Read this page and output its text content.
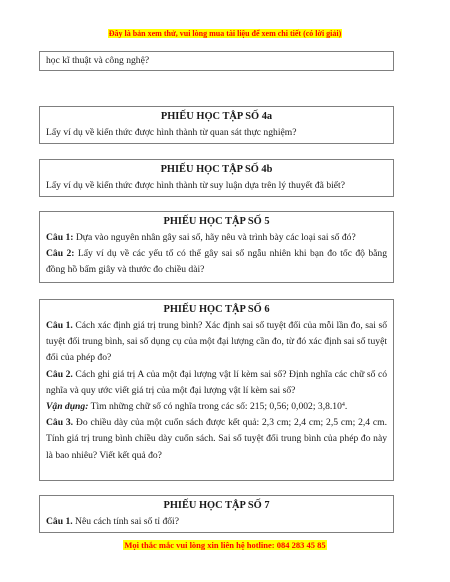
Đây là bản xem thử, vui lòng mua tài liệu để xem chi tiết (có lời giải)
học kĩ thuật và công nghệ?
PHIẾU HỌC TẬP SỐ 4a
Lấy ví dụ về kiến thức được hình thành từ quan sát thực nghiệm?
PHIẾU HỌC TẬP SỐ 4b
Lấy ví dụ về kiến thức được hình thành từ suy luận dựa trên lý thuyết đã biết?
PHIẾU HỌC TẬP SỐ 5
Câu 1: Dựa vào nguyên nhân gây sai số, hãy nêu và trình bày các loại sai số đó?
Câu 2: Lấy ví dụ về các yếu tố có thể gây sai số ngẫu nhiên khi bạn đo tốc độ bằng đồng hồ bấm giây và thước đo chiều dài?
PHIẾU HỌC TẬP SỐ 6
Câu 1. Cách xác định giá trị trung bình? Xác định sai số tuyệt đối của mỗi lần đo, sai số tuyệt đối trung bình, sai số dụng cụ của một đại lượng cần đo, từ đó xác định sai số tuyệt đối của phép đo?
Câu 2. Cách ghi giá trị A của một đại lượng vật lí kèm sai số? Định nghĩa các chữ số có nghĩa và quy ước viết giá trị của một đại lượng vật lí kèm sai số?
Vận dụng: Tìm những chữ số có nghĩa trong các số: 215; 0,56; 0,002; 3,8.10$^4$.
Câu 3. Đo chiều dày của một cuốn sách được kết quả: 2,3 cm; 2,4 cm; 2,5 cm; 2,4 cm. Tính giá trị trung bình chiều dày cuốn sách. Sai số tuyệt đối trung bình của phép đo này là bao nhiêu? Viết kết quả đo?
PHIẾU HỌC TẬP SỐ 7
Câu 1. Nêu cách tính sai số tỉ đối?
Mọi thắc mắc vui lòng xin liên hệ hotline: 084 283 45 85
